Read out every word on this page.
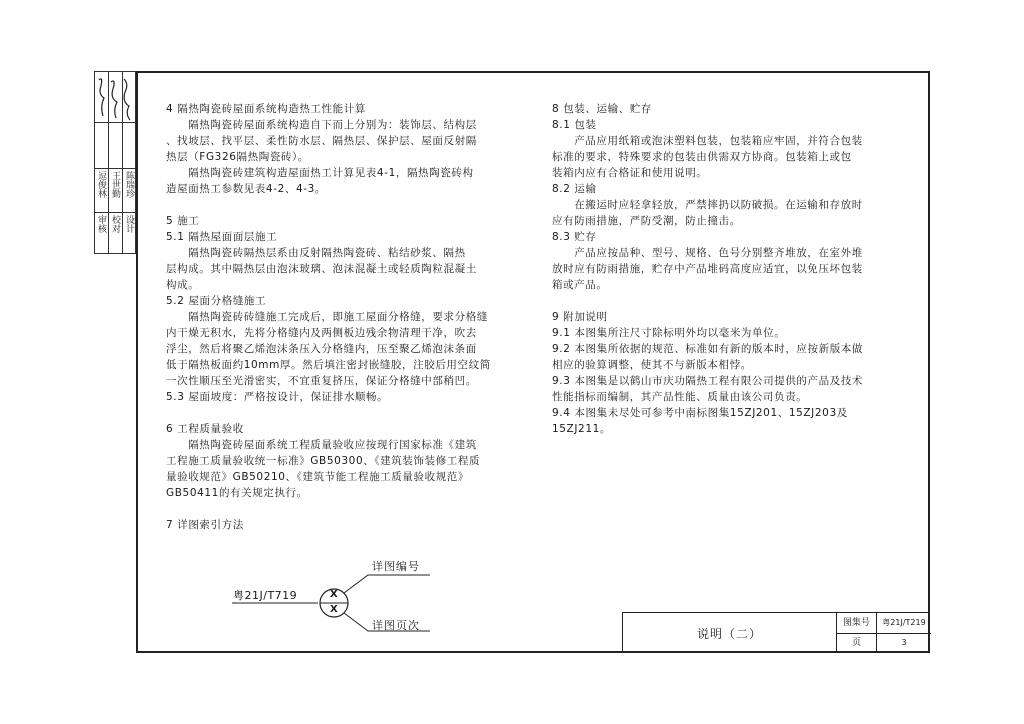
审核 校对 设计
逗俊林 王世勤 陈瑞珍

4 隔热陶瓷砖屋面系统构造热工性能计算

　　隔热陶瓷砖屋面系统构造自下而上分别为：装饰层、结构层

、找坡层、找平层、柔性防水层、隔热层、保护层、屋面反射隔

热层（FG326隔热陶瓷砖）。

　　隔热陶瓷砖建筑构造屋面热工计算见表4-1，隔热陶瓷砖构

造屋面热工参数见表4-2、4-3。

5 施工

5.1 隔热屋面面层施工

　　隔热陶瓷砖隔热层系由反射隔热陶瓷砖、粘结砂浆、隔热

层构成。其中隔热层由泡沫玻璃、泡沫混凝土或轻质陶粒混凝土

构成。

5.2 屋面分格缝施工

　　隔热陶瓷砖砖缝施工完成后，即施工屋面分格缝，要求分格缝

内干燥无积水，先将分格缝内及两侧板边残余物清理干净，吹去

浮尘，然后将聚乙烯泡沫条压入分格缝内，压至聚乙烯泡沫条面

低于隔热板面约10mm厚。然后填注密封嵌缝胶，注胶后用空纹简

一次性顺压至光滑密实，不宜重复挤压，保证分格缝中部稍凹。

5.3 屋面坡度：严格按设计，保证排水顺畅。

6 工程质量验收

　　隔热陶瓷砖屋面系统工程质量验收应按现行国家标准《建筑

工程施工质量验收统一标准》GB50300、《建筑装饰装修工程质

量验收规范》GB50210、《建筑节能工程施工质量验收规范》

GB50411的有关规定执行。

7 详图索引方法

8 包装、运输、贮存

8.1 包装

　　产品应用纸箱或泡沫塑料包装，包装箱应牢固，并符合包装

标准的要求，特殊要求的包装由供需双方协商。包装箱上或包

装箱内应有合格证和使用说明。

8.2 运输

　　在搬运时应轻拿轻放，严禁摔扔以防破损。在运输和存放时

应有防雨措施，严防受潮，防止撞击。

8.3 贮存

　　产品应按品种、型号、规格、色号分别整齐堆放，在室外堆

放时应有防雨措施，贮存中产品堆码高度应适宜，以免压坏包装

箱或产品。

9 附加说明

9.1 本图集所注尺寸除标明外均以毫米为单位。

9.2 本图集所依据的规范、标准如有新的版本时，应按新版本做

相应的验算调整，使其不与新版本相悖。

9.3 本图集是以鹤山市庆功隔热工程有限公司提供的产品及技术

性能指标而编制，其产品性能、质量由该公司负责。

9.4 本图集未尽处可参考中南标图集15ZJ201、15ZJ203及

15ZJ211。

粤21J/T719	X
X
详图编号
详图页次
说明（二）
图集号	粤21J/T219
页	3
